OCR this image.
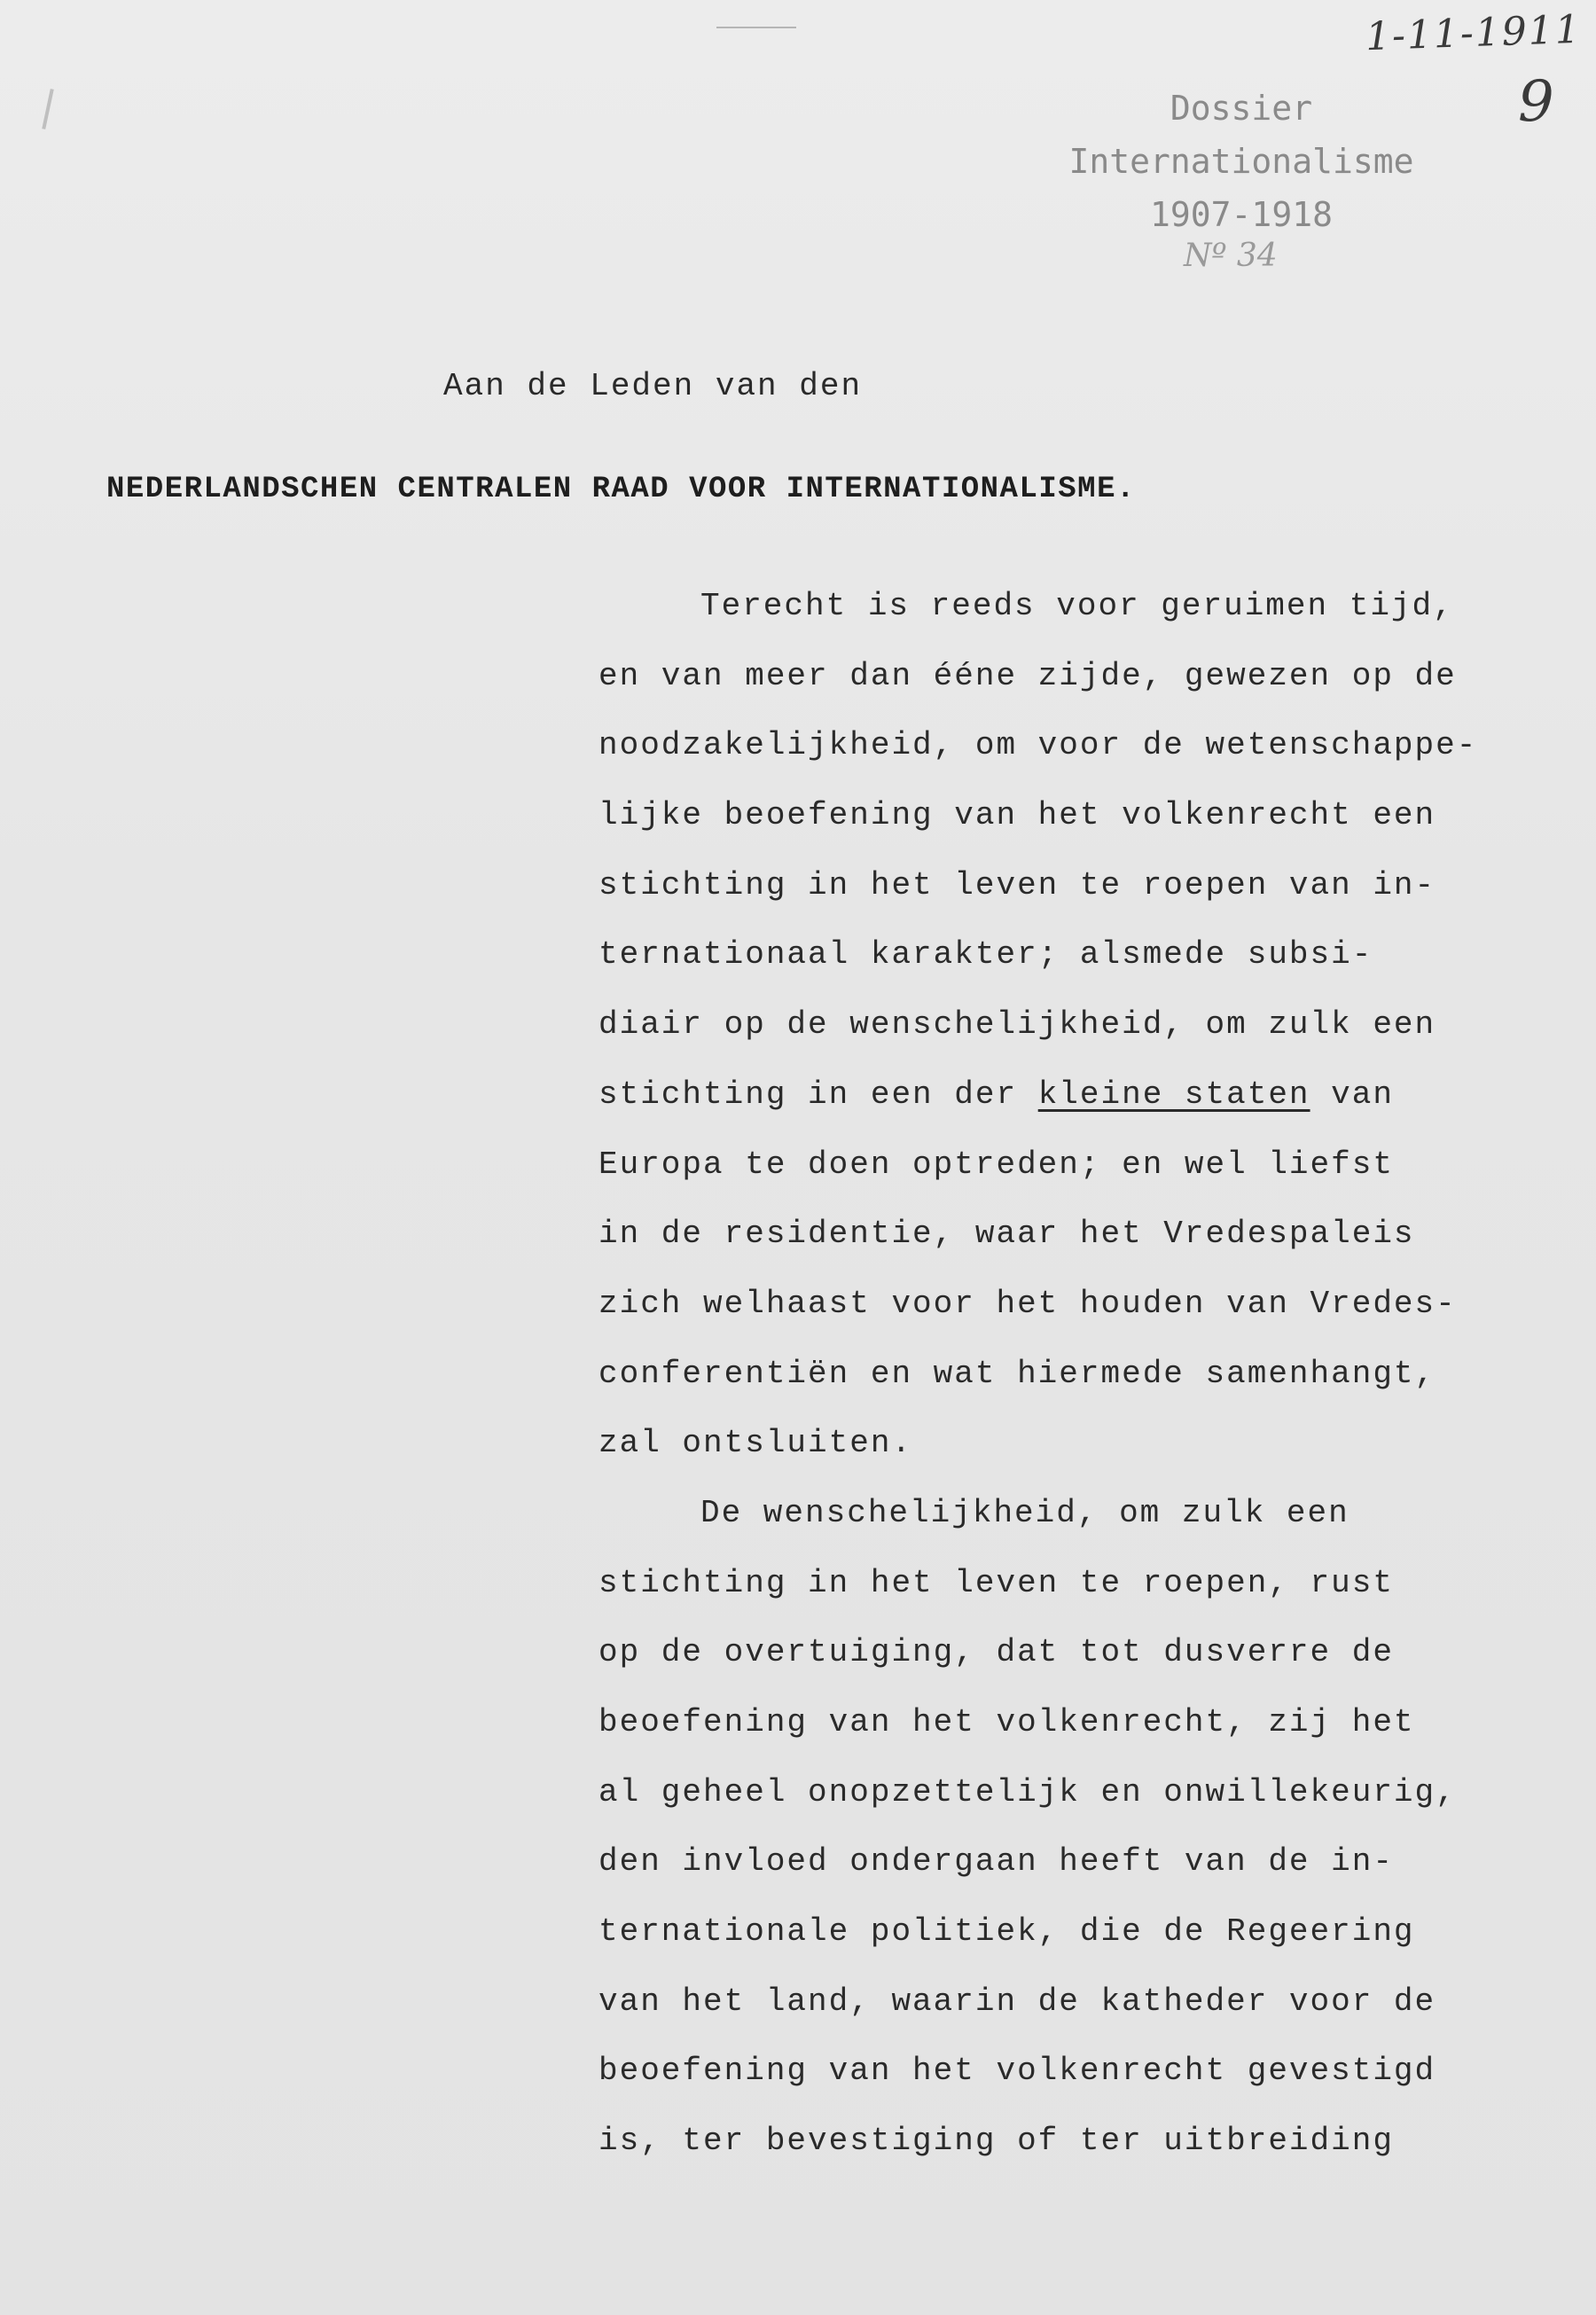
1-11-1911
9
Dossier
Internationalisme
1907-1918
Nº 34
Aan de Leden van den
NEDERLANDSCHEN CENTRALEN RAAD VOOR INTERNATIONALISME.
Terecht is reeds voor geruimen tijd,
en van meer dan ééne zijde, gewezen op de
noodzakelijkheid, om voor de wetenschappe-
lijke beoefening van het volkenrecht een
stichting in het leven te roepen van in-
ternationaal karakter; alsmede subsi-
diair op de wenschelijkheid, om zulk een
stichting in een der kleine staten van
Europa te doen optreden; en wel liefst
in de residentie, waar het Vredespaleis
zich welhaast voor het houden van Vredes-
conferentiën en wat hiermede samenhangt,
zal ontsluiten.
De wenschelijkheid, om zulk een
stichting in het leven te roepen, rust
op de overtuiging, dat tot dusverre de
beoefening van het volkenrecht, zij het
al geheel onopzettelijk en onwillekeurig,
den invloed ondergaan heeft van de in-
ternationale politiek, die de Regeering
van het land, waarin de katheder voor de
beoefening van het volkenrecht gevestigd
is, ter bevestiging of ter uitbreiding
